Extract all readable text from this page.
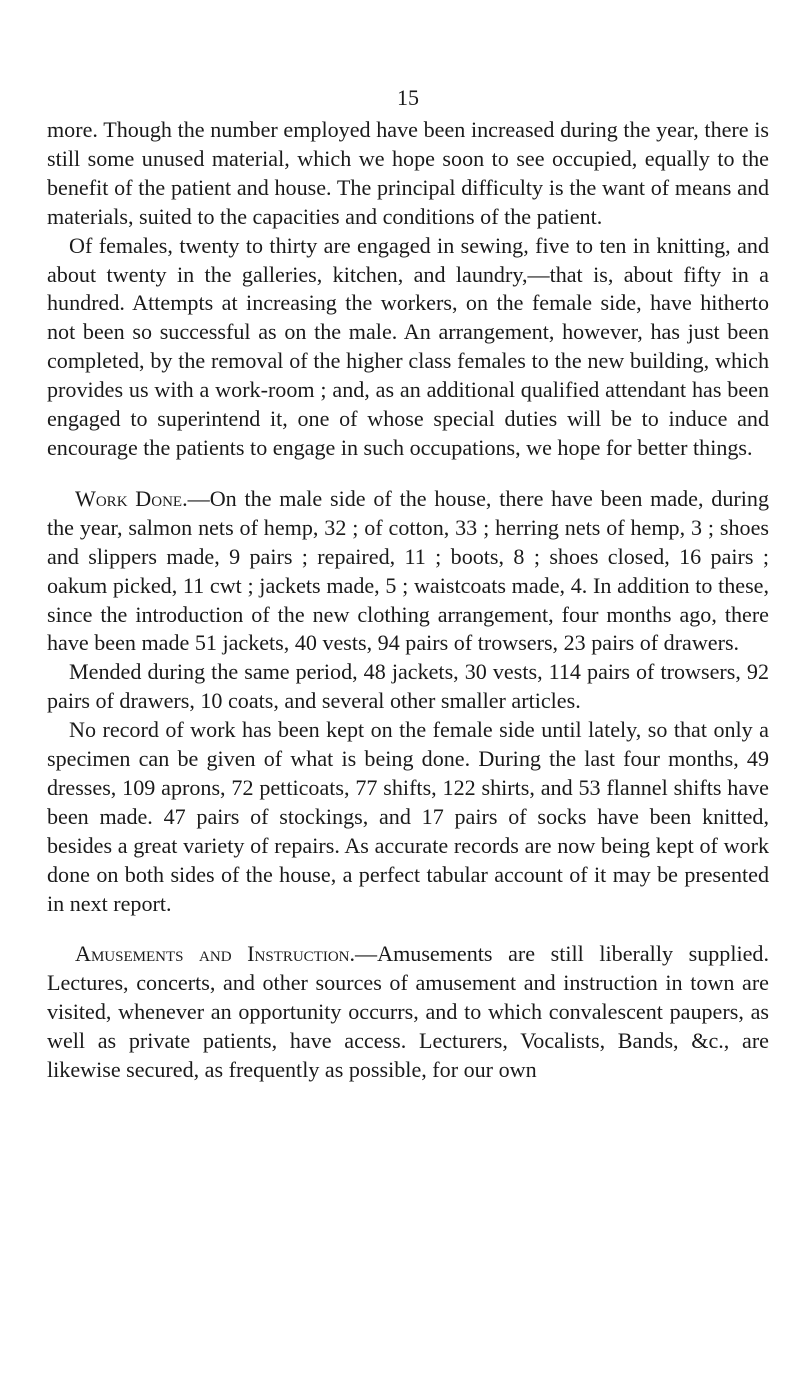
15

more. Though the number employed have been increased during the year, there is still some unused material, which we hope soon to see occupied, equally to the benefit of the patient and house. The principal difficulty is the want of means and materials, suited to the capacities and conditions of the patient.

Of females, twenty to thirty are engaged in sewing, five to ten in knitting, and about twenty in the galleries, kitchen, and laundry,—that is, about fifty in a hundred. Attempts at increasing the workers, on the female side, have hitherto not been so successful as on the male. An arrangement, however, has just been completed, by the removal of the higher class females to the new building, which provides us with a work-room ; and, as an additional qualified attendant has been engaged to superintend it, one of whose special duties will be to induce and encourage the patients to engage in such occupations, we hope for better things.

Work Done.—On the male side of the house, there have been made, during the year, salmon nets of hemp, 32 ; of cotton, 33 ; herring nets of hemp, 3 ; shoes and slippers made, 9 pairs ; repaired, 11 ; boots, 8 ; shoes closed, 16 pairs ; oakum picked, 11 cwt ; jackets made, 5 ; waistcoats made, 4. In addition to these, since the introduction of the new clothing arrangement, four months ago, there have been made 51 jackets, 40 vests, 94 pairs of trowsers, 23 pairs of drawers.

Mended during the same period, 48 jackets, 30 vests, 114 pairs of trowsers, 92 pairs of drawers, 10 coats, and several other smaller articles.

No record of work has been kept on the female side until lately, so that only a specimen can be given of what is being done. During the last four months, 49 dresses, 109 aprons, 72 petticoats, 77 shifts, 122 shirts, and 53 flannel shifts have been made. 47 pairs of stockings, and 17 pairs of socks have been knitted, besides a great variety of repairs. As accurate records are now being kept of work done on both sides of the house, a perfect tabular account of it may be presented in next report.

Amusements and Instruction.—Amusements are still liberally supplied. Lectures, concerts, and other sources of amusement and instruction in town are visited, whenever an opportunity occurrs, and to which convalescent paupers, as well as private patients, have access. Lecturers, Vocalists, Bands, &c., are likewise secured, as frequently as possible, for our own
